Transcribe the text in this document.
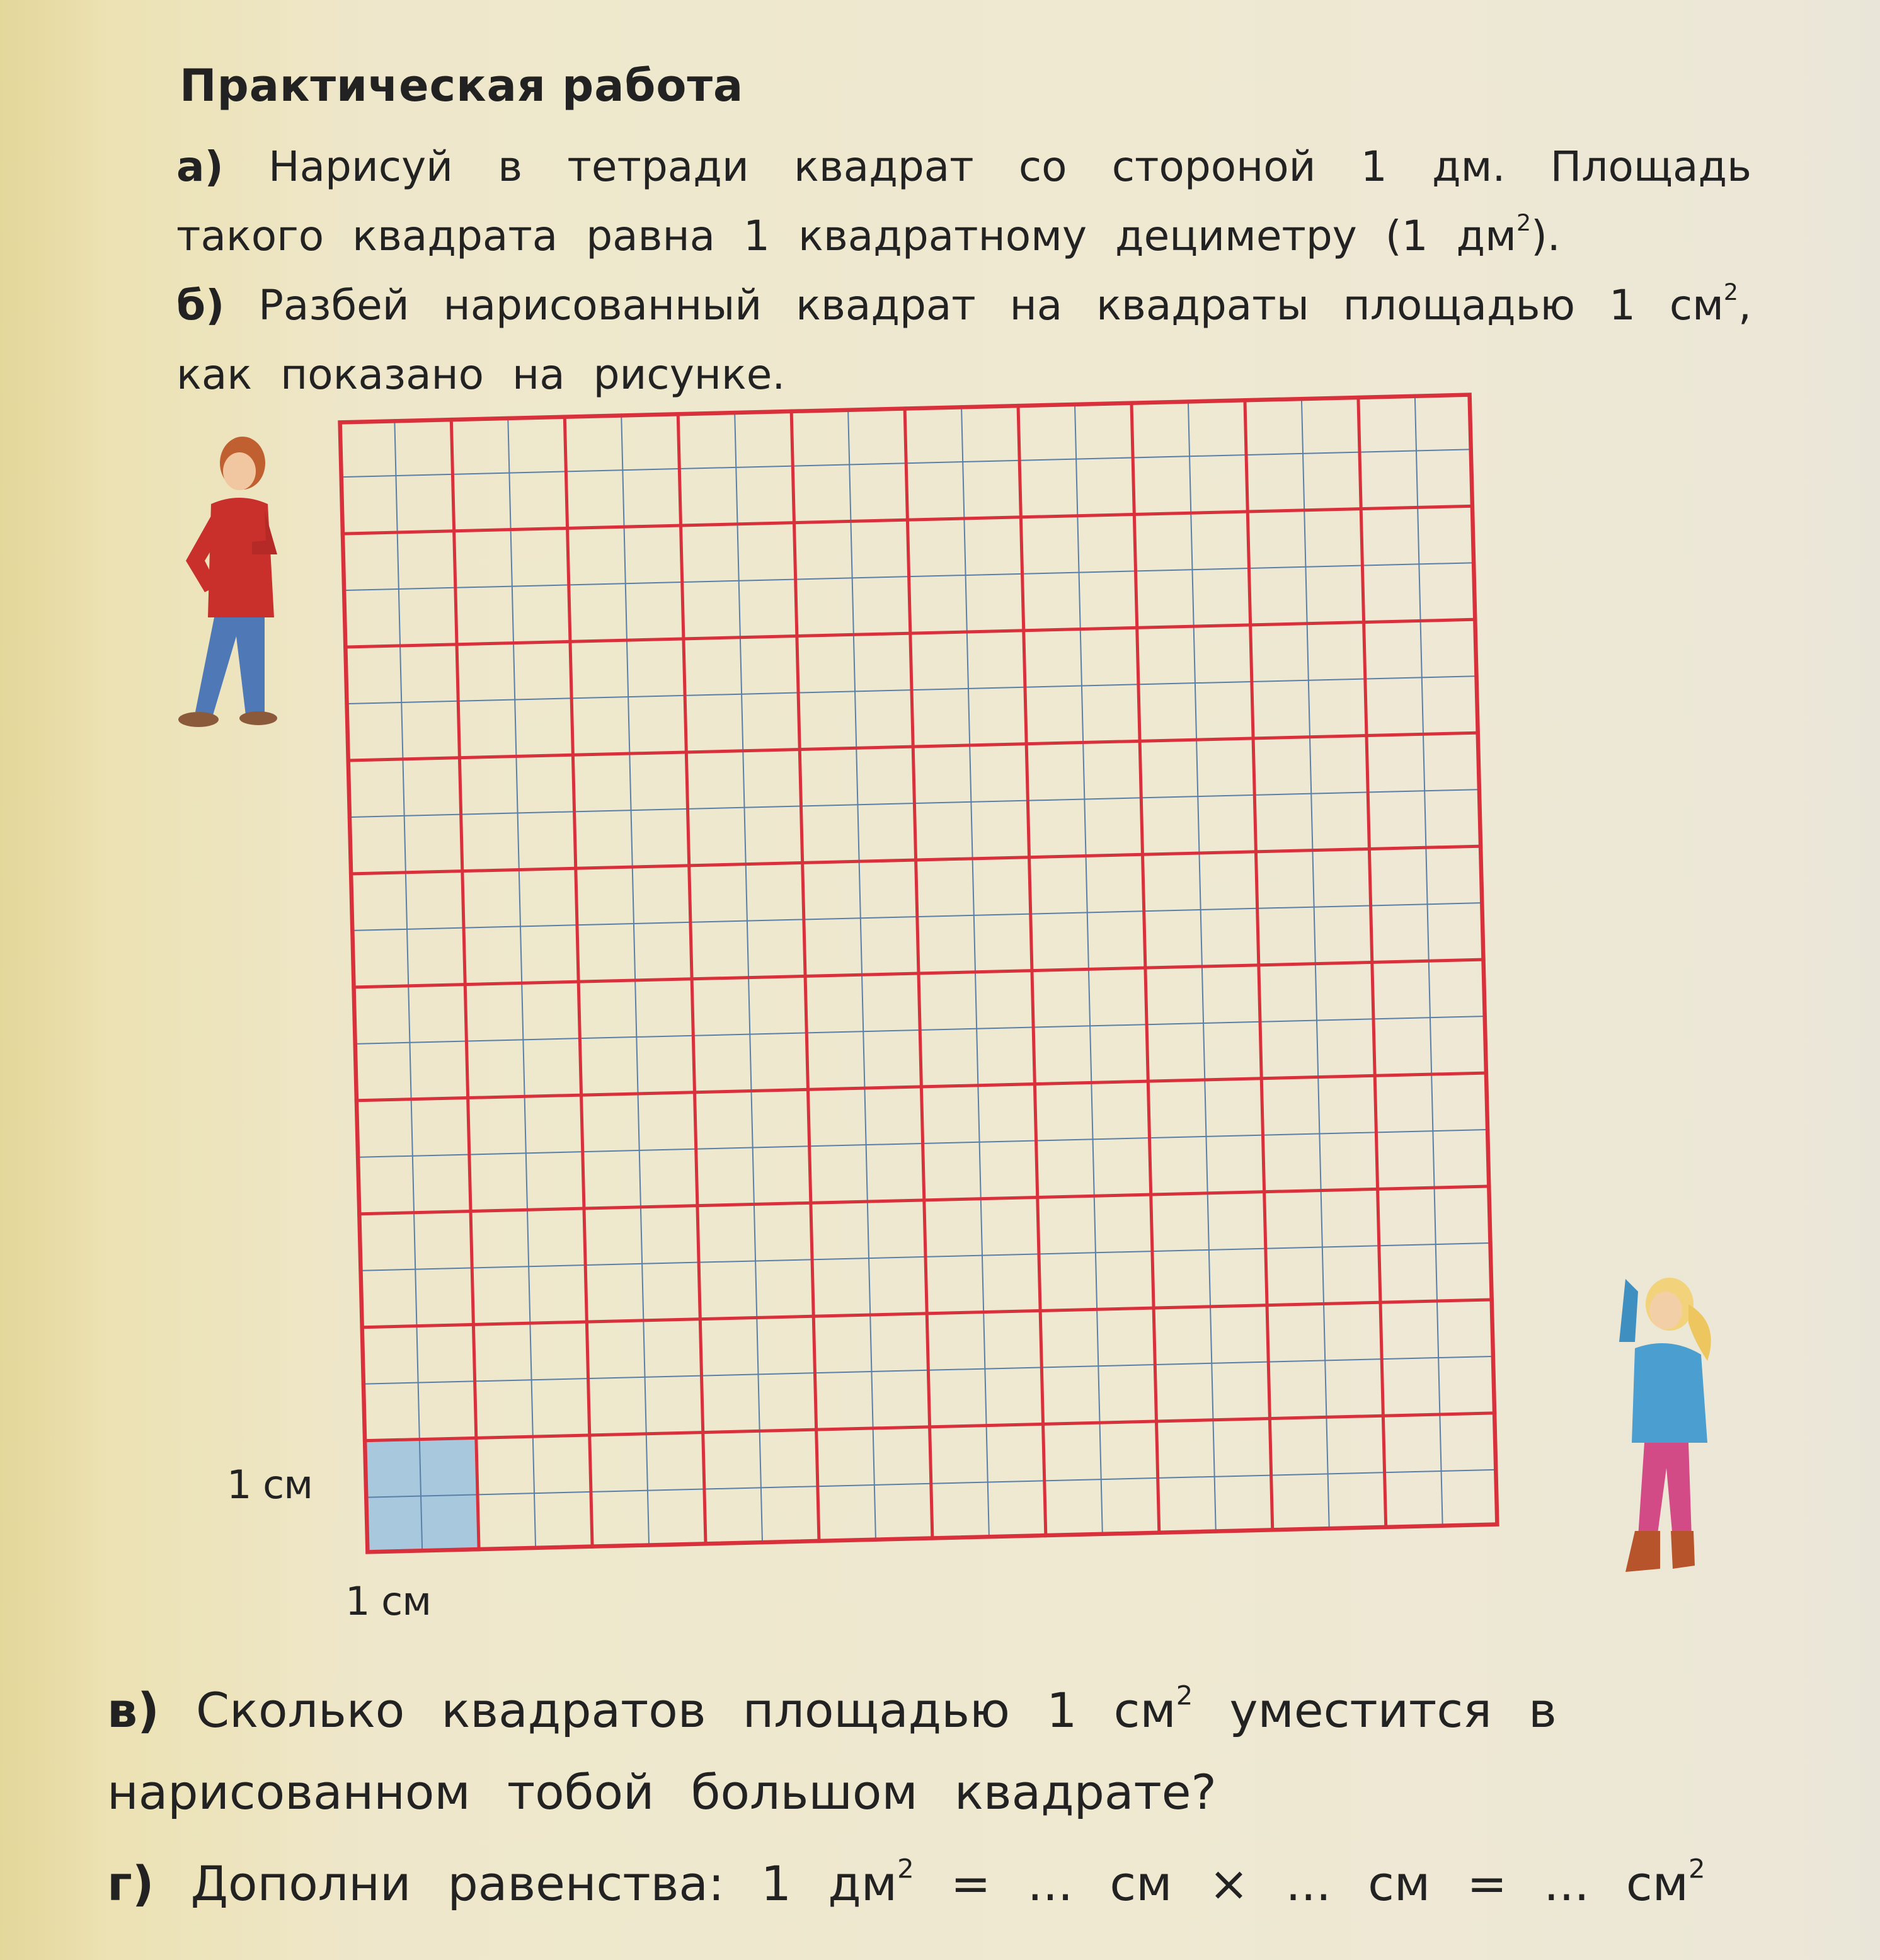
Практическая работа
а) Нарисуй в тетради квадрат со стороной 1 дм. Площадь такого квадрата равна 1 квадратному дециметру (1 $дм^2$).
б) Разбей нарисованный квадрат на квадраты площадью 1 $см^2$, как показано на рисунке.
1 см
1 см
в) Сколько квадратов площадью 1 $см^2$ уместится в нарисованном тобой большом квадрате?
г) Дополни равенства: 1 $дм^2$ = ... см × ... см = ... $см^2$
